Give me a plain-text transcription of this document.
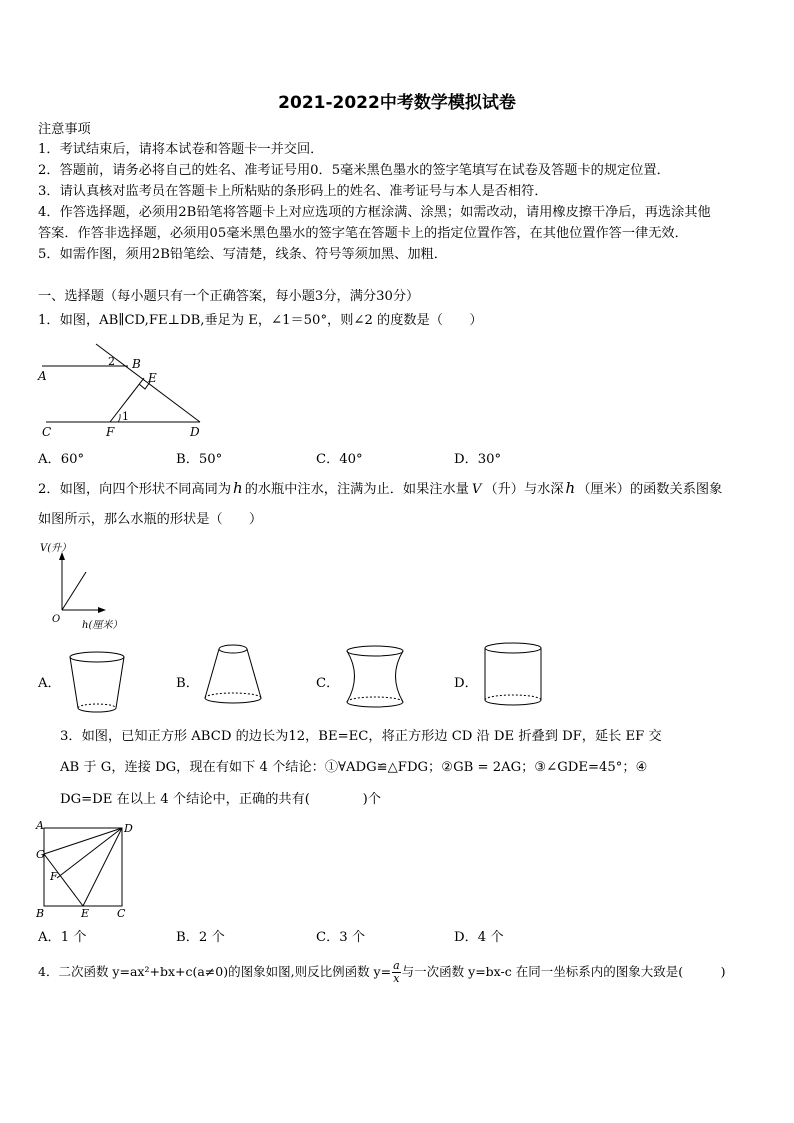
2021-2022中考数学模拟试卷
注意事项
1．考试结束后，请将本试卷和答题卡一并交回．
2．答题前，请务必将自己的姓名、准考证号用0．5毫米黑色墨水的签字笔填写在试卷及答题卡的规定位置．
3．请认真核对监考员在答题卡上所粘贴的条形码上的姓名、准考证号与本人是否相符．
4．作答选择题，必须用2B铅笔将答题卡上对应选项的方框涂满、涂黑；如需改动，请用橡皮擦干净后，再选涂其他
答案．作答非选择题，必须用05毫米黑色墨水的签字笔在答题卡上的指定位置作答，在其他位置作答一律无效．
5．如需作图，须用2B铅笔绘、写清楚，线条、符号等须加黑、加粗．
一、选择题（每小题只有一个正确答案，每小题3分，满分30分）
1．如图，AB∥CD,FE⊥DB,垂足为 E，∠1＝50°，则∠2 的度数是（　　）
A
B
C	D
E
F
1
2
A．60°	B．50°	C．40°	D．30°
2．如图，向四个形状不同高同为 h 的水瓶中注水，注满为止．如果注水量 V （升）与水深 h （厘米）的函数关系图象
如图所示，那么水瓶的形状是（　　）
V(升）
O
h(厘米）
A．	B．	C．	D．
3．如图，已知正方形 ABCD 的边长为12，BE=EC，将正方形边 CD 沿 DE 折叠到 DF，延长 EF 交
AB 于 G，连接 DG，现在有如下 4 个结论：①∀ADG≌△FDG；②GB = 2AG；③∠GDE=45°；④
DG=DE 在以上 4 个结论中，正确的共有(　　　　)个
A
B	C
D
E
F
G
A．1 个	B．2 个	C．3 个	D．4 个
4．二次函数 y=ax²+bx+c(a≠0)的图象如图,则反比例函数 $y= \frac{a}{x}$ 与一次函数 y=bx-c 在同一坐标系内的图象大致是(　　　)
